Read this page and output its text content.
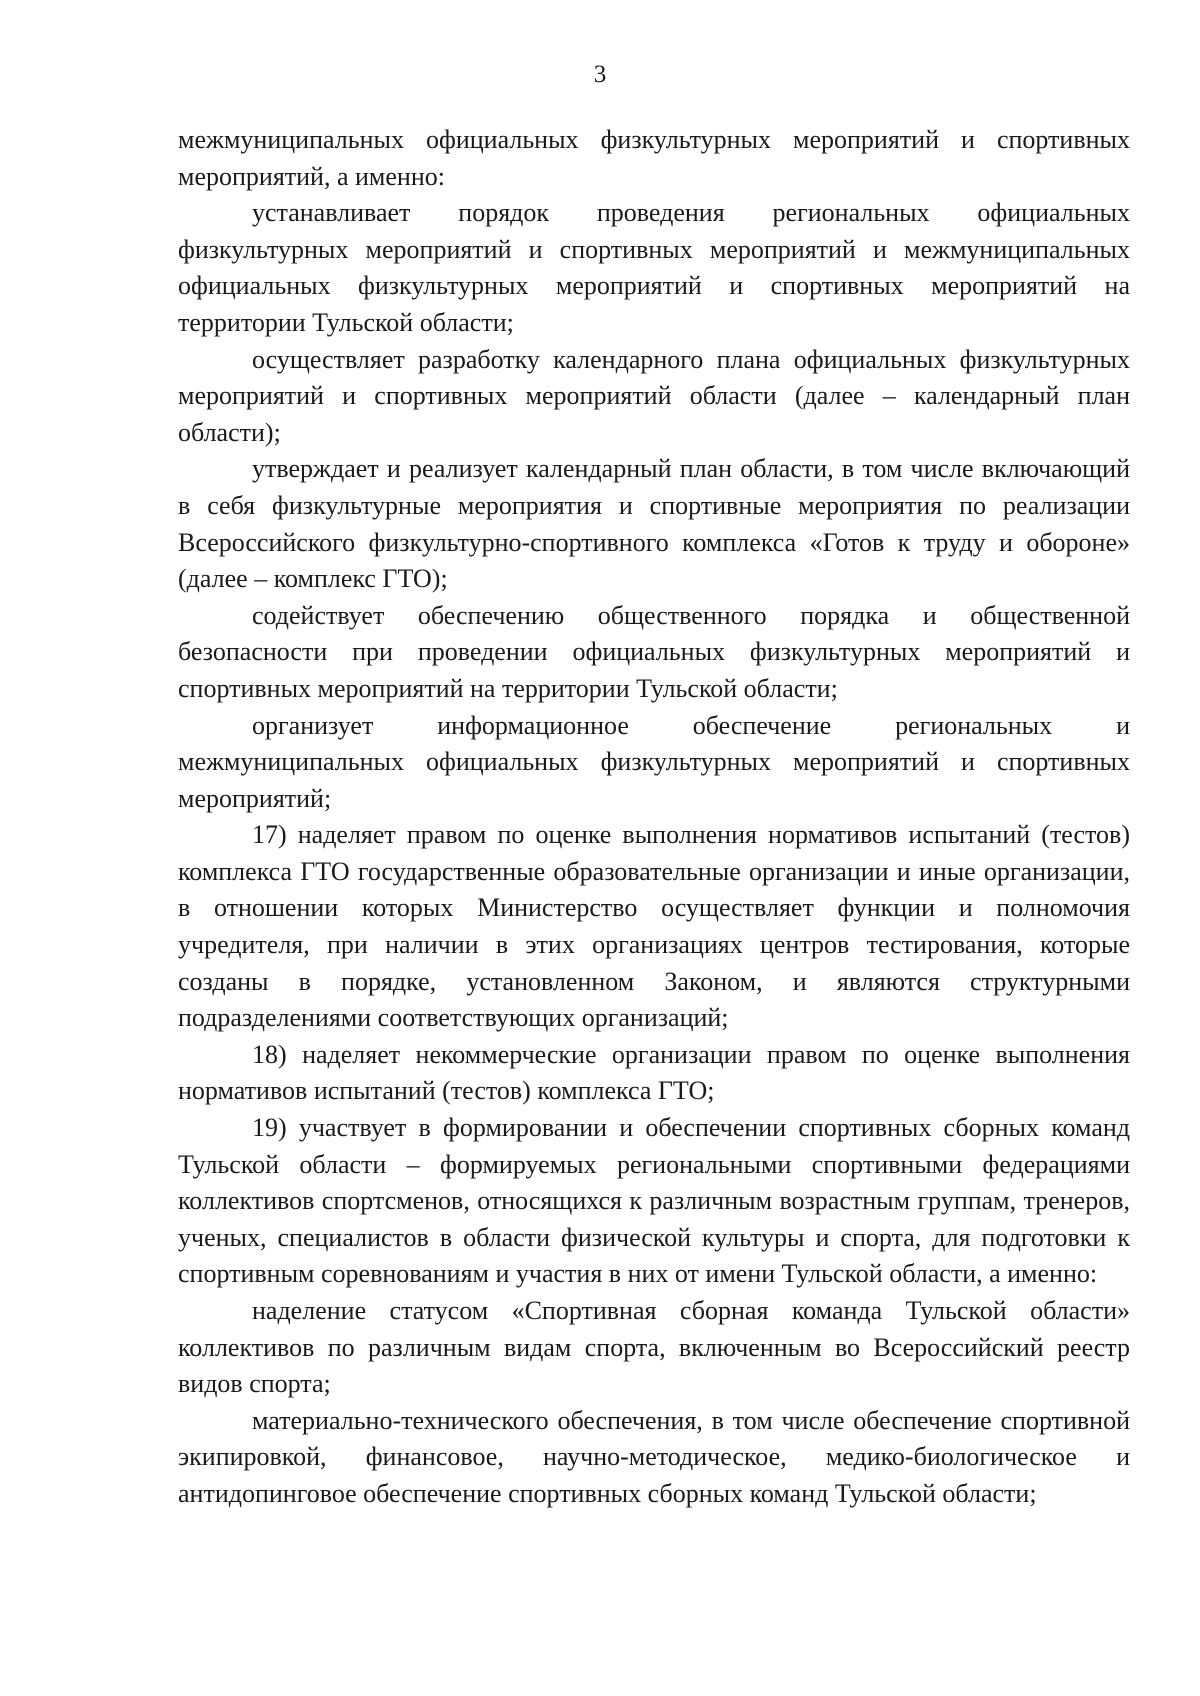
3

межмуниципальных официальных физкультурных мероприятий и спортивных мероприятий, а именно:

устанавливает порядок проведения региональных официальных физкультурных мероприятий и спортивных мероприятий и межмуниципальных официальных физкультурных мероприятий и спортивных мероприятий на территории Тульской области;

осуществляет разработку календарного плана официальных физкультурных мероприятий и спортивных мероприятий области (далее – календарный план области);

утверждает и реализует календарный план области, в том числе включающий в себя физкультурные мероприятия и спортивные мероприятия по реализации Всероссийского физкультурно-спортивного комплекса «Готов к труду и обороне» (далее – комплекс ГТО);

содействует обеспечению общественного порядка и общественной безопасности при проведении официальных физкультурных мероприятий и спортивных мероприятий на территории Тульской области;

организует информационное обеспечение региональных и межмуниципальных официальных физкультурных мероприятий и спортивных мероприятий;

17) наделяет правом по оценке выполнения нормативов испытаний (тестов) комплекса ГТО государственные образовательные организации и иные организации, в отношении которых Министерство осуществляет функции и полномочия учредителя, при наличии в этих организациях центров тестирования, которые созданы в порядке, установленном Законом, и являются структурными подразделениями соответствующих организаций;

18) наделяет некоммерческие организации правом по оценке выполнения нормативов испытаний (тестов) комплекса ГТО;

19) участвует в формировании и обеспечении спортивных сборных команд Тульской области – формируемых региональными спортивными федерациями коллективов спортсменов, относящихся к различным возрастным группам, тренеров, ученых, специалистов в области физической культуры и спорта, для подготовки к спортивным соревнованиям и участия в них от имени Тульской области, а именно:

наделение статусом «Спортивная сборная команда Тульской области» коллективов по различным видам спорта, включенным во Всероссийский реестр видов спорта;

материально-технического обеспечения, в том числе обеспечение спортивной экипировкой, финансовое, научно-методическое, медико-биологическое и антидопинговое обеспечение спортивных сборных команд Тульской области;
